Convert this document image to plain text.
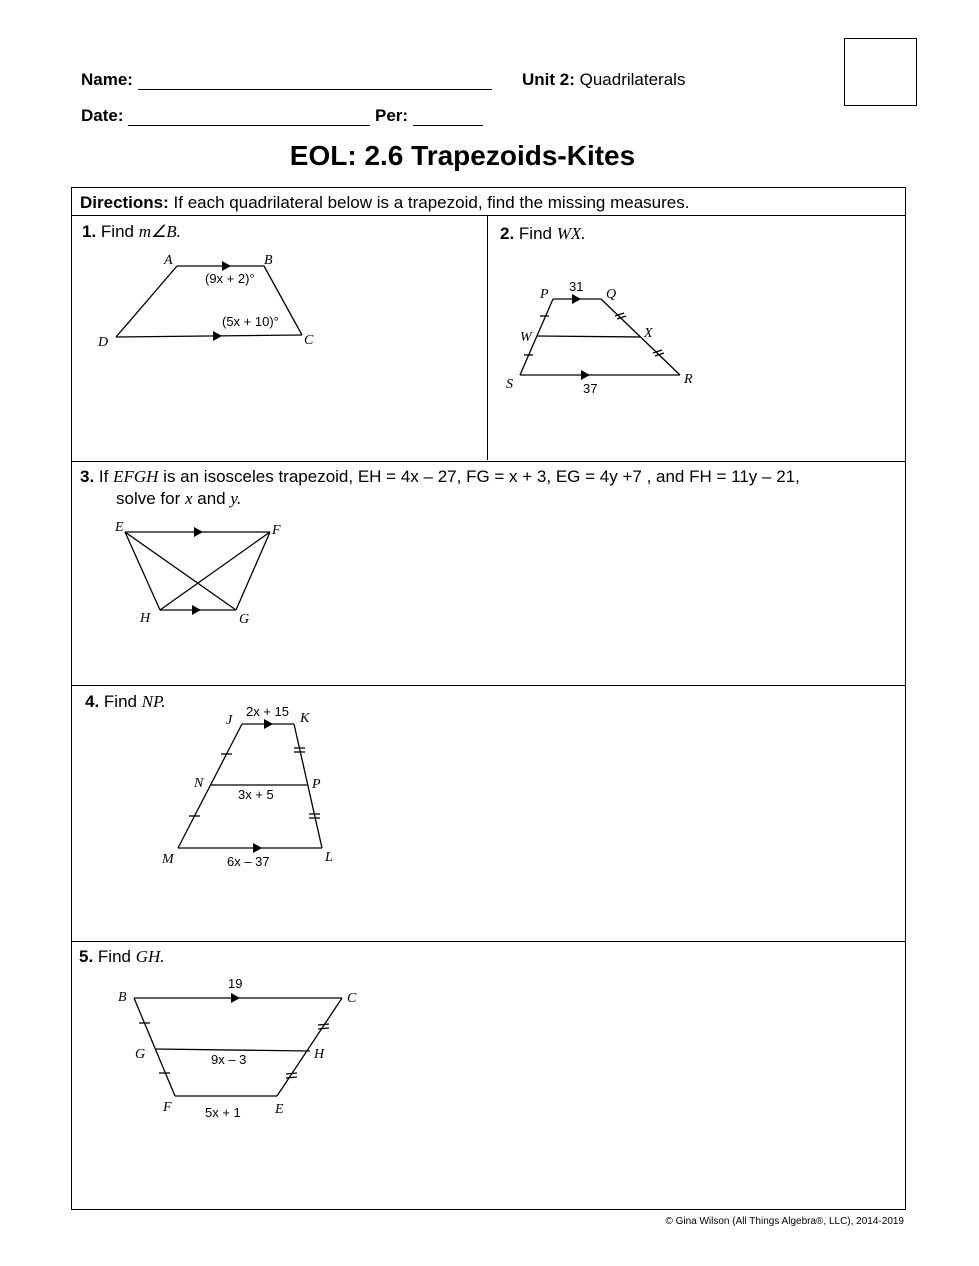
Name:	Unit 2: Quadrilaterals
Date:	Per:
EOL: 2.6 Trapezoids-Kites
Directions: If each quadrilateral below is a trapezoid, find the missing measures.
1. Find m∠B.
A	B
C
D
(9x + 2)°
(5x + 10)°
P	Q
W	X
S	R
31
37
E	F
G
H
J	K
N	P
M	L
2x + 15
3x + 5
6x – 37
B	C
G	H
F	E
19
9x – 3
5x + 1
2. Find WX.
3. If EFGH is an isosceles trapezoid, EH = 4x – 27, FG = x + 3, EG = 4y +7 , and FH = 11y – 21,
solve for x and y.
4. Find NP.
5. Find GH.
© Gina Wilson (All Things Algebra®, LLC), 2014-2019
